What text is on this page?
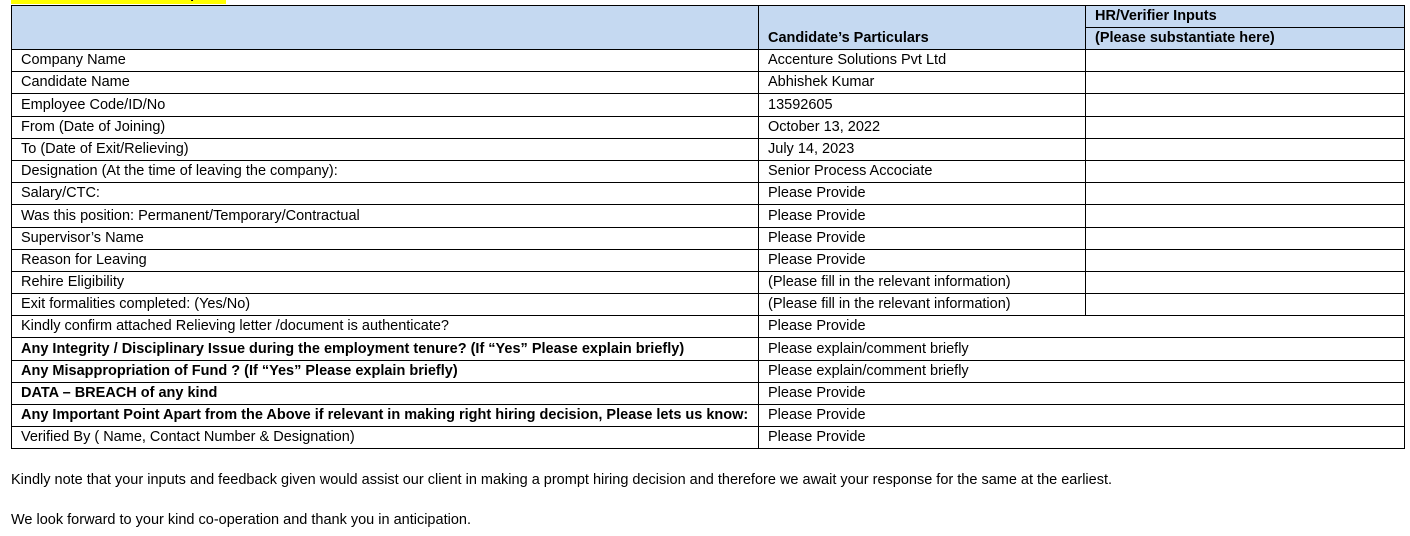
	Candidate’s Particulars	HR/Verifier Inputs
		(Please substantiate here)
Company Name	Accenture Solutions Pvt Ltd	
Candidate Name	Abhishek Kumar	
Employee Code/ID/No	13592605	
From (Date of Joining)	October 13, 2022	
To (Date of Exit/Relieving)	July 14, 2023	
Designation (At the time of leaving the company):	Senior Process Accociate	
Salary/CTC:	Please Provide	
Was this position: Permanent/Temporary/Contractual	Please Provide	
Supervisor’s Name	Please Provide	
Reason for Leaving	Please Provide	
Rehire Eligibility	(Please fill in the relevant information)	
Exit formalities completed: (Yes/No)	(Please fill in the relevant information)	
Kindly confirm attached Relieving letter /document is authenticate?	Please Provide	
Any Integrity / Disciplinary Issue during the employment tenure? (If “Yes” Please explain briefly)	Please explain/comment briefly	
Any Misappropriation of Fund ? (If “Yes” Please explain briefly)	Please explain/comment briefly	
DATA – BREACH of any kind	Please Provide	
Any Important Point Apart from the Above if relevant in making right hiring decision, Please lets us know:	Please Provide	
Verified By ( Name, Contact Number & Designation)	Please Provide	

Kindly note that your inputs and feedback given would assist our client in making a prompt hiring decision and therefore we await your response for the same at the earliest.

We look forward to your kind co-operation and thank you in anticipation.
